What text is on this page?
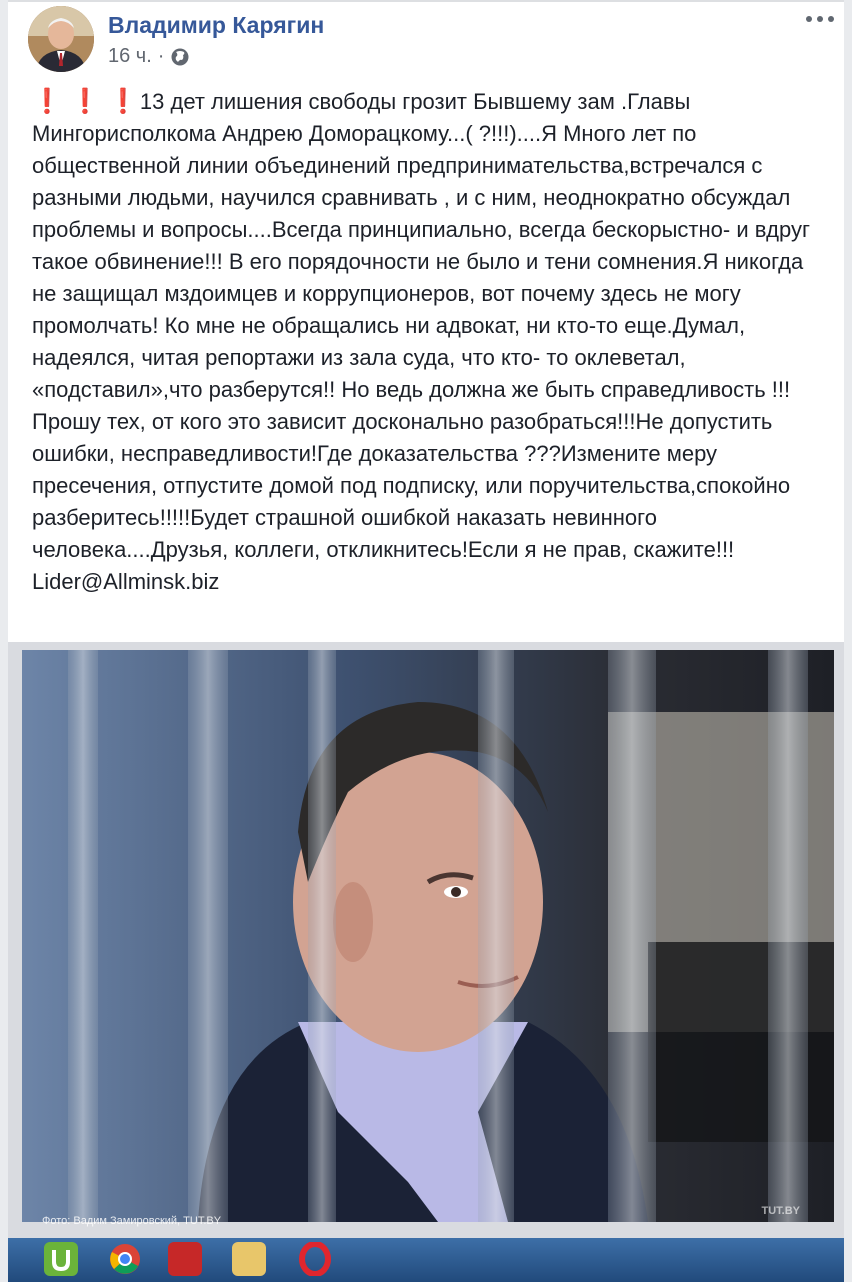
Владимир Карягин
16 ч. ·
❗ ❗ ❗13 дет лишения свободы грозит Бывшему зам .Главы Мингорисполкома Андрею Доморацкому...( ?!!!)....Я Много лет по общественной линии объединений предпринимательства,встречался с разными людьми, научился сравнивать , и с ним, неоднократно обсуждал проблемы и вопросы....Всегда принципиально, всегда бескорыстно- и вдруг такое обвинение!!! В его порядочности не было и тени сомнения.Я никогда не защищал мздоимцев и коррупционеров, вот почему здесь не могу промолчать! Ко мне не обращались ни адвокат, ни кто-то еще.Думал, надеялся, читая репортажи из зала суда, что кто- то оклеветал, «подставил»,что разберутся!! Но ведь должна же быть справедливость !!!Прошу тех, от кого это зависит досконально разобраться!!!Не допустить ошибки, несправедливости!Где доказательства ???Измените меру пресечения, отпустите домой под подписку, или поручительства,спокойно разберитесь!!!!!Будет страшной ошибкой наказать невинного человека....Друзья, коллеги, откликнитесь!Если я не прав, скажите!!! Lider@Allminsk.biz
Фото: Вадим Замировский, TUT.BY
TUT.BY
